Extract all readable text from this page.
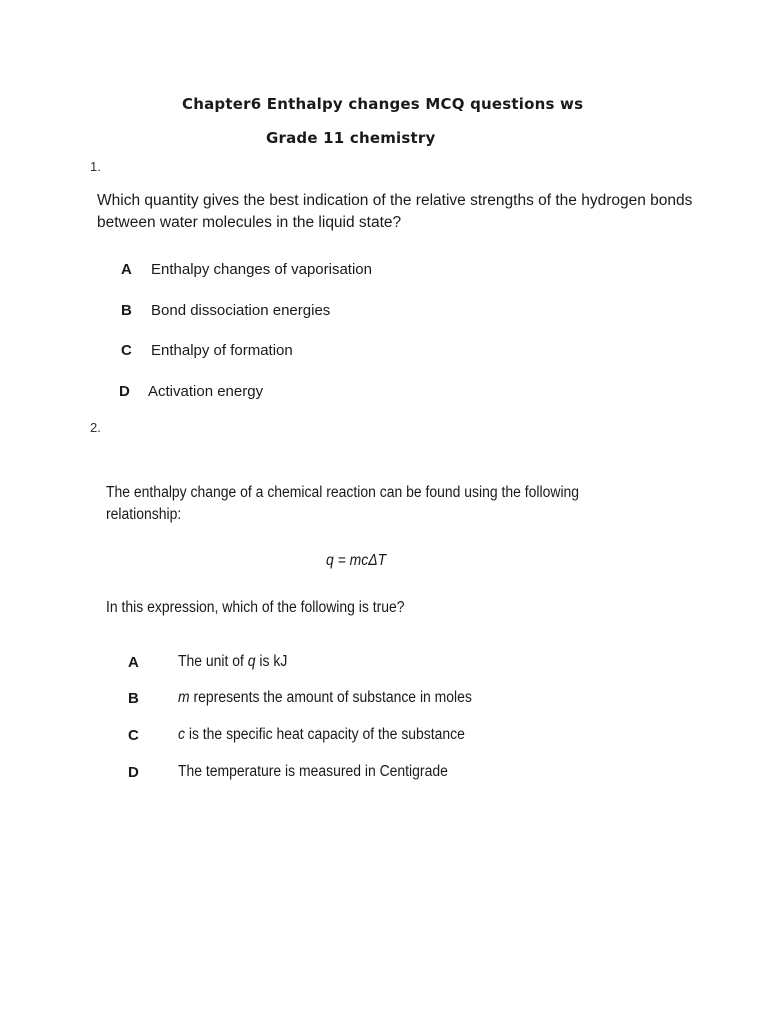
Chapter6 Enthalpy changes MCQ questions ws
Grade 11 chemistry
1.
Which quantity gives the best indication of the relative strengths of the hydrogen bonds
between water molecules in the liquid state?
A Enthalpy changes of vaporisation
B Bond dissociation energies
C Enthalpy of formation
D Activation energy
2.
The enthalpy change of a chemical reaction can be found using the following
relationship:
q = mcΔT
In this expression, which of the following is true?
A	The unit of q is kJ
B	m represents the amount of substance in moles
C	c is the specific heat capacity of the substance
D	The temperature is measured in Centigrade
